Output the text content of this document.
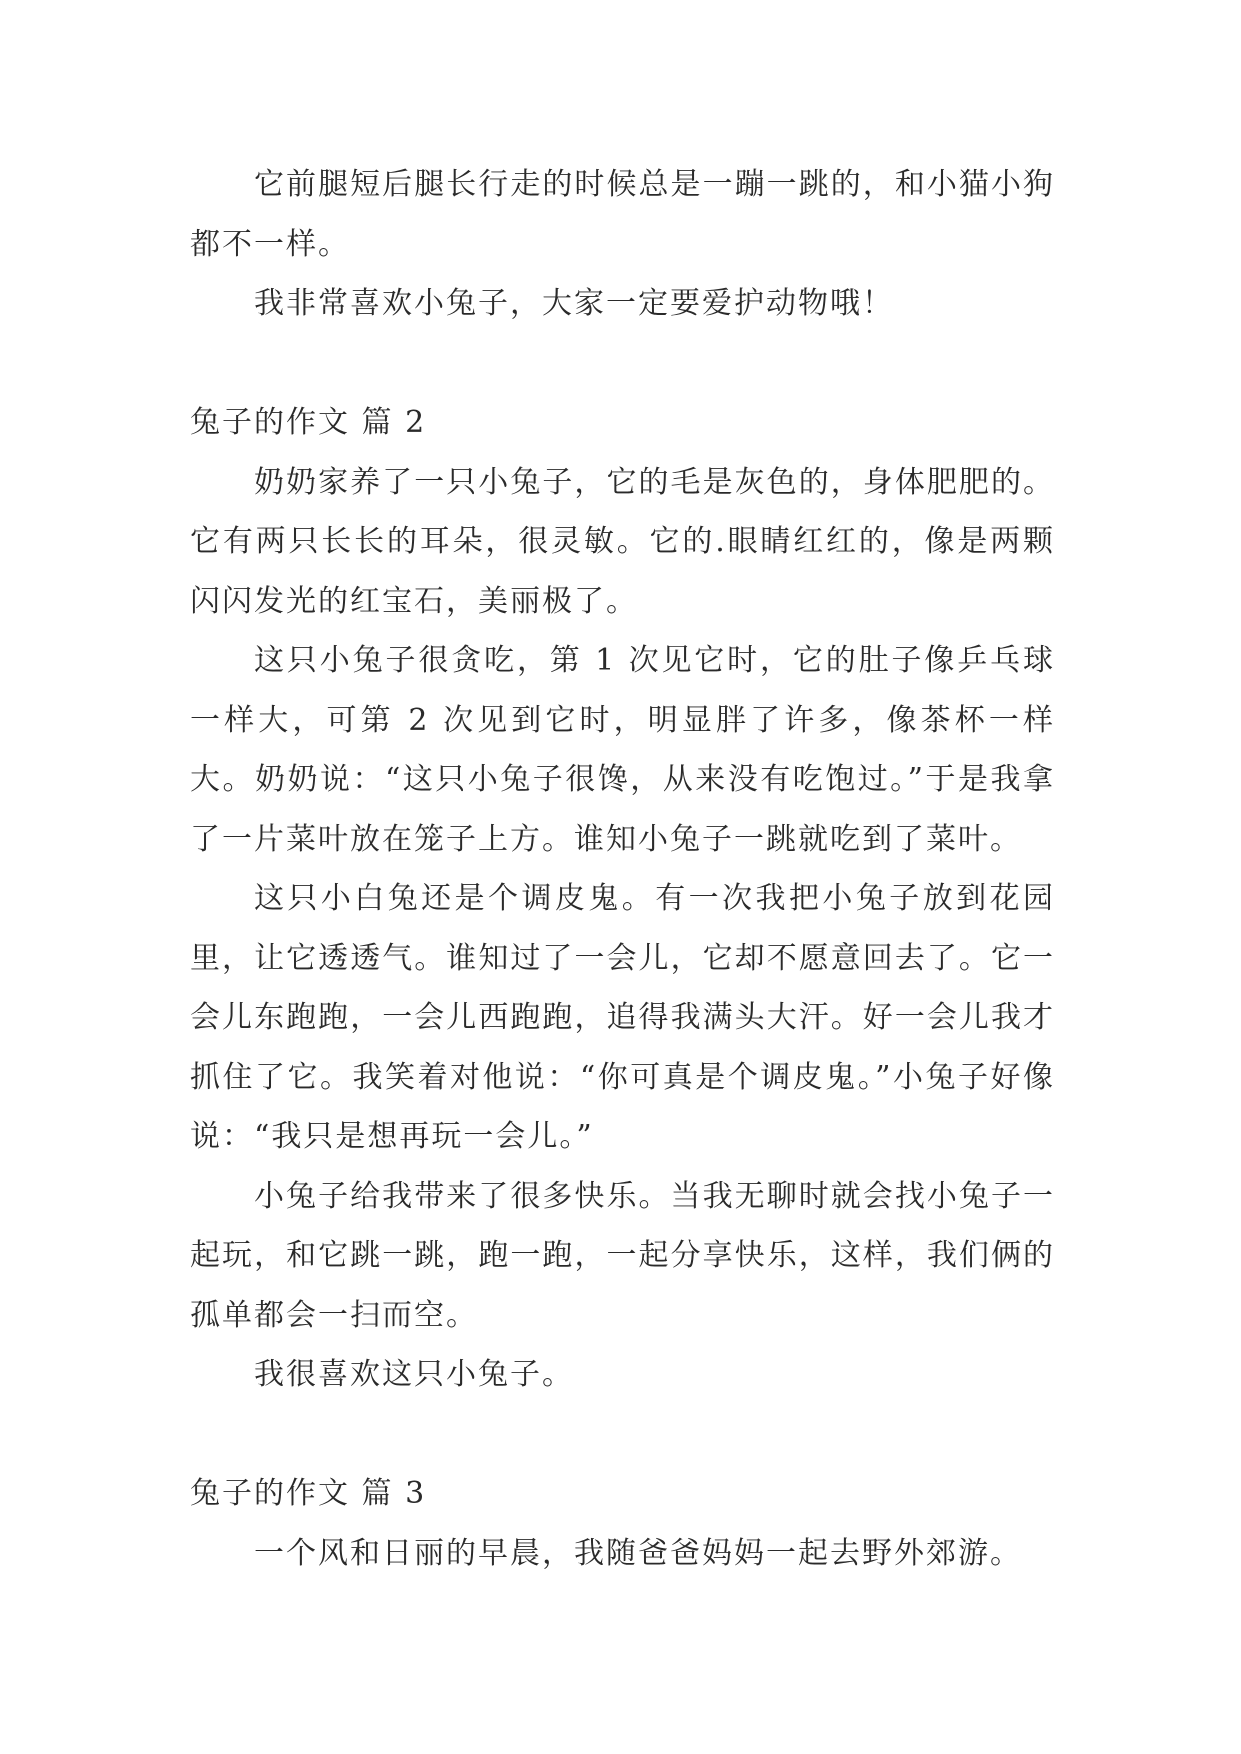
它前腿短后腿长行走的时候总是一蹦一跳的，和小猫小狗都不一样。

我非常喜欢小兔子，大家一定要爱护动物哦！

兔子的作文 篇 2

奶奶家养了一只小兔子，它的毛是灰色的，身体肥肥的。它有两只长长的耳朵，很灵敏。它的.眼睛红红的，像是两颗闪闪发光的红宝石，美丽极了。

这只小兔子很贪吃，第 1 次见它时，它的肚子像乒乓球一样大，可第 2 次见到它时，明显胖了许多，像茶杯一样大。奶奶说：“这只小兔子很馋，从来没有吃饱过。”于是我拿了一片菜叶放在笼子上方。谁知小兔子一跳就吃到了菜叶。

这只小白兔还是个调皮鬼。有一次我把小兔子放到花园里，让它透透气。谁知过了一会儿，它却不愿意回去了。它一会儿东跑跑，一会儿西跑跑，追得我满头大汗。好一会儿我才抓住了它。我笑着对他说：“你可真是个调皮鬼。”小兔子好像说：“我只是想再玩一会儿。”

小兔子给我带来了很多快乐。当我无聊时就会找小兔子一起玩，和它跳一跳，跑一跑，一起分享快乐，这样，我们俩的孤单都会一扫而空。

我很喜欢这只小兔子。

兔子的作文 篇 3

一个风和日丽的早晨，我随爸爸妈妈一起去野外郊游。
